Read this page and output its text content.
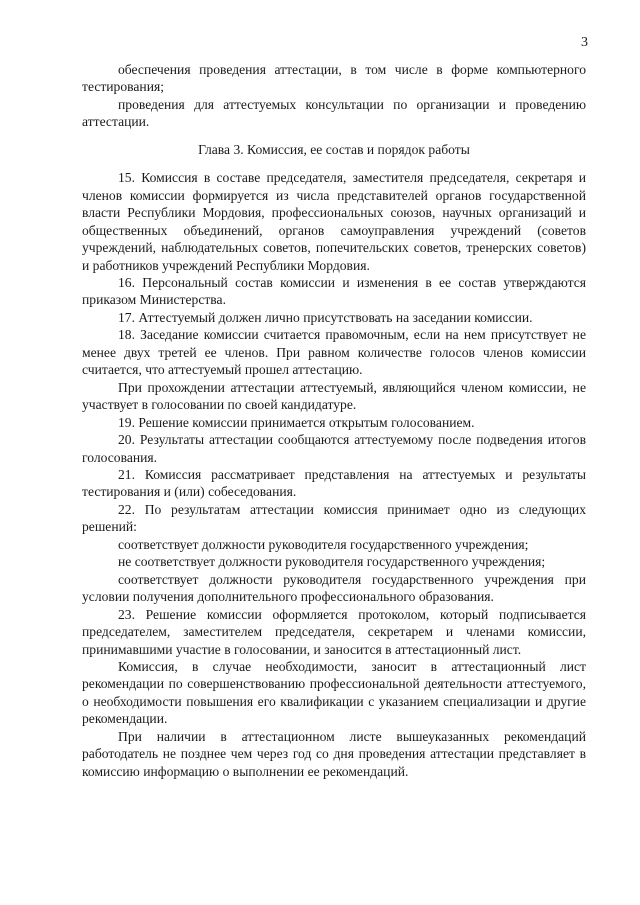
3

обеспечения проведения аттестации, в том числе в форме компьютерного тестирования;

проведения для аттестуемых консультации по организации и проведению аттестации.

Глава 3. Комиссия, ее состав и порядок работы

15. Комиссия в составе председателя, заместителя председателя, секретаря и членов комиссии формируется из числа представителей органов государственной власти Республики Мордовия, профессиональных союзов, научных организаций и общественных объединений, органов самоуправления учреждений (советов учреждений, наблюдательных советов, попечительских советов, тренерских советов) и работников учреждений Республики Мордовия.

16. Персональный состав комиссии и изменения в ее состав утверждаются приказом Министерства.

17. Аттестуемый должен лично присутствовать на заседании комиссии.

18. Заседание комиссии считается правомочным, если на нем присутствует не менее двух третей ее членов. При равном количестве голосов членов комиссии считается, что аттестуемый прошел аттестацию.

При прохождении аттестации аттестуемый, являющийся членом комиссии, не участвует в голосовании по своей кандидатуре.

19. Решение комиссии принимается открытым голосованием.

20. Результаты аттестации сообщаются аттестуемому после подведения итогов голосования.

21. Комиссия рассматривает представления на аттестуемых и результаты тестирования и (или) собеседования.

22. По результатам аттестации комиссия принимает одно из следующих решений:

соответствует должности руководителя государственного учреждения;

не соответствует должности руководителя государственного учреждения;

соответствует должности руководителя государственного учреждения при условии получения дополнительного профессионального образования.

23. Решение комиссии оформляется протоколом, который подписывается председателем, заместителем председателя, секретарем и членами комиссии, принимавшими участие в голосовании, и заносится в аттестационный лист.

Комиссия, в случае необходимости, заносит в аттестационный лист рекомендации по совершенствованию профессиональной деятельности аттестуемого, о необходимости повышения его квалификации с указанием специализации и другие рекомендации.

При наличии в аттестационном листе вышеуказанных рекомендаций работодатель не позднее чем через год со дня проведения аттестации представляет в комиссию информацию о выполнении ее рекомендаций.
